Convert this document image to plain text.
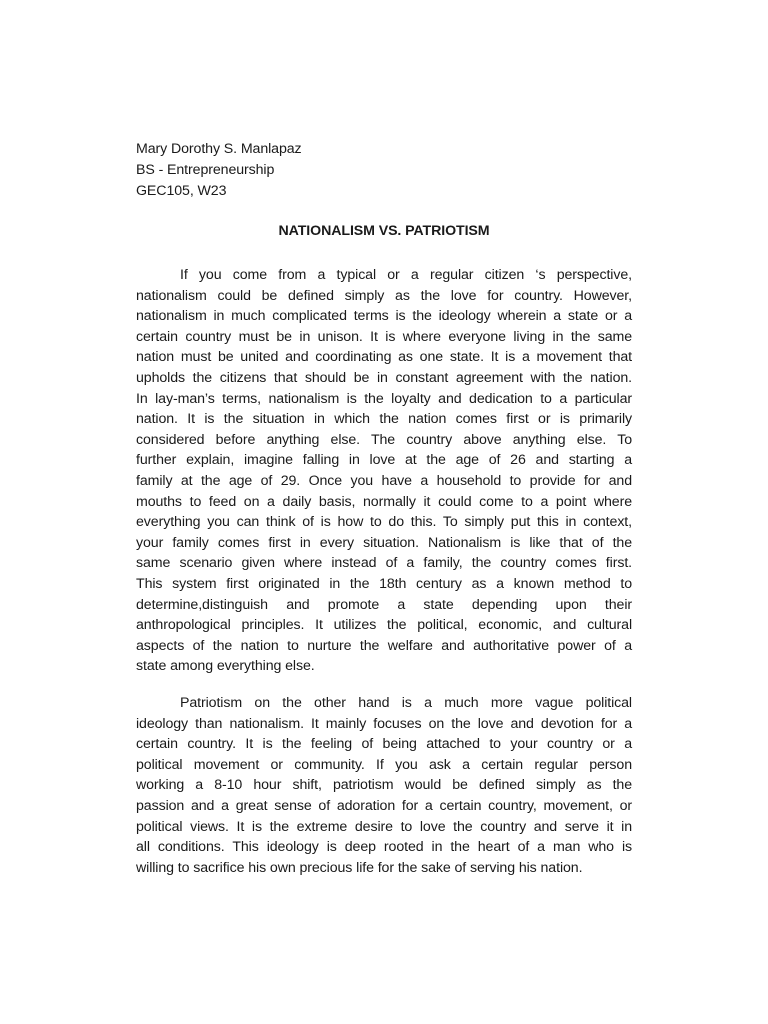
Mary Dorothy S. Manlapaz
BS - Entrepreneurship
GEC105, W23
NATIONALISM VS. PATRIOTISM
If you come from a typical or a regular citizen ‘s perspective,
nationalism could be defined simply as the love for country. However,
nationalism in much complicated terms is the ideology wherein a state or a
certain country must be in unison. It is where everyone living in the same
nation must be united and coordinating as one state. It is a movement that
upholds the citizens that should be in constant agreement with the nation.
In lay-man’s terms, nationalism is the loyalty and dedication to a particular
nation. It is the situation in which the nation comes first or is primarily
considered before anything else. The country above anything else. To
further explain, imagine falling in love at the age of 26 and starting a
family at the age of 29. Once you have a household to provide for and
mouths to feed on a daily basis, normally it could come to a point where
everything you can think of is how to do this. To simply put this in context,
your family comes first in every situation. Nationalism is like that of the
same scenario given where instead of a family, the country comes first.
This system first originated in the 18th century as a known method to
determine,distinguish and promote a state depending upon their
anthropological principles. It utilizes the political, economic, and cultural
aspects of the nation to nurture the welfare and authoritative power of a
state among everything else.
Patriotism on the other hand is a much more vague political
ideology than nationalism. It mainly focuses on the love and devotion for a
certain country. It is the feeling of being attached to your country or a
political movement or community. If you ask a certain regular person
working a 8-10 hour shift, patriotism would be defined simply as the
passion and a great sense of adoration for a certain country, movement, or
political views. It is the extreme desire to love the country and serve it in
all conditions. This ideology is deep rooted in the heart of a man who is
willing to sacrifice his own precious life for the sake of serving his nation.
